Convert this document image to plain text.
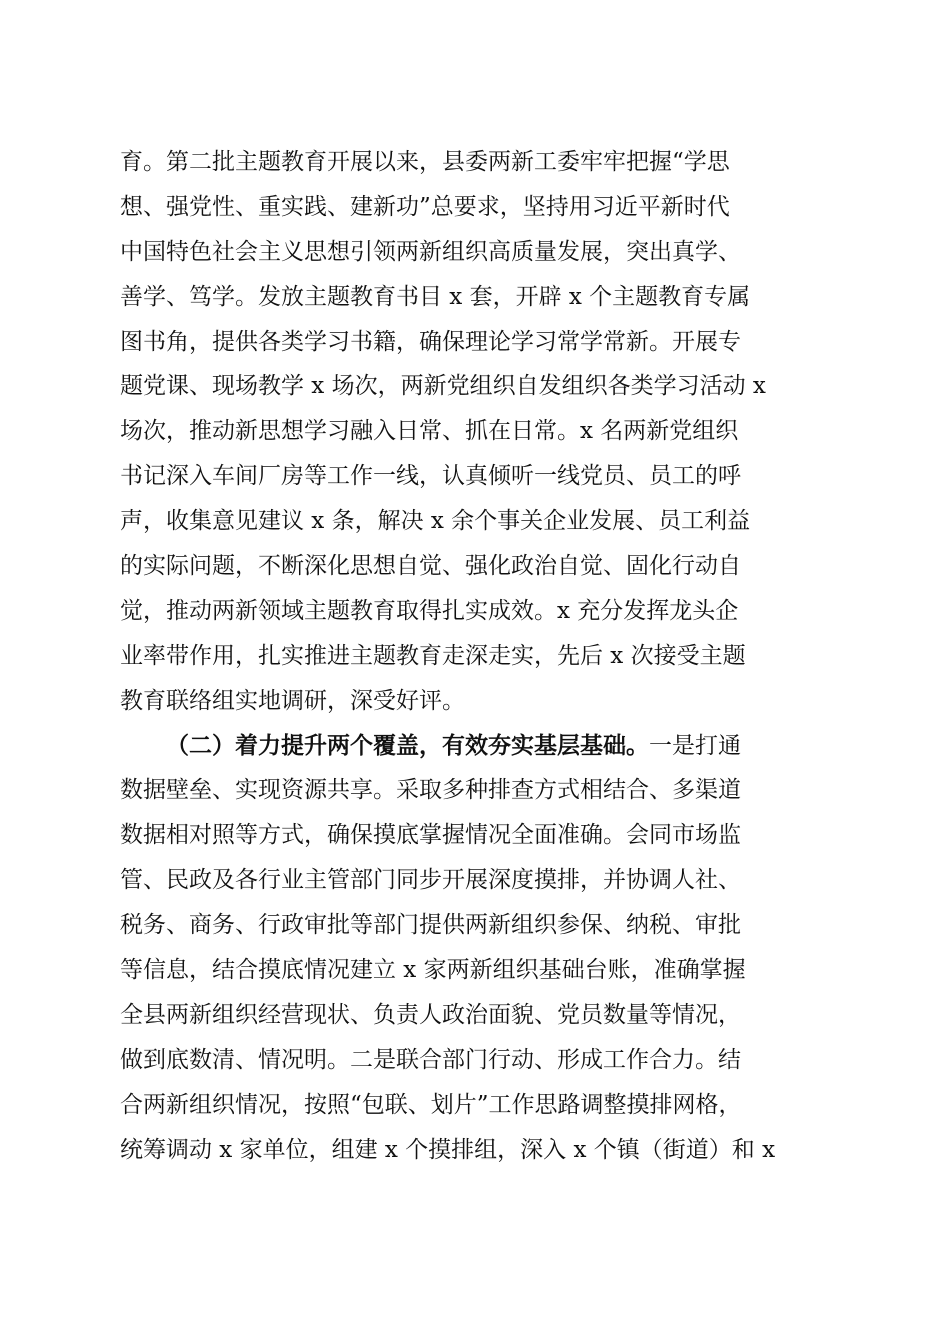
育。第二批主题教育开展以来，县委两新工委牢牢把握“学思
想、强党性、重实践、建新功”总要求，坚持用习近平新时代
中国特色社会主义思想引领两新组织高质量发展，突出真学、
善学、笃学。发放主题教育书目 x 套，开辟 x 个主题教育专属
图书角，提供各类学习书籍，确保理论学习常学常新。开展专
题党课、现场教学 x 场次，两新党组织自发组织各类学习活动 x
场次，推动新思想学习融入日常、抓在日常。x 名两新党组织
书记深入车间厂房等工作一线，认真倾听一线党员、员工的呼
声，收集意见建议 x 条，解决 x 余个事关企业发展、员工利益
的实际问题，不断深化思想自觉、强化政治自觉、固化行动自
觉，推动两新领域主题教育取得扎实成效。x 充分发挥龙头企
业率带作用，扎实推进主题教育走深走实，先后 x 次接受主题
教育联络组实地调研，深受好评。
（二）着力提升两个覆盖，有效夯实基层基础。一是打通
数据壁垒、实现资源共享。采取多种排查方式相结合、多渠道
数据相对照等方式，确保摸底掌握情况全面准确。会同市场监
管、民政及各行业主管部门同步开展深度摸排，并协调人社、
税务、商务、行政审批等部门提供两新组织参保、纳税、审批
等信息，结合摸底情况建立 x 家两新组织基础台账，准确掌握
全县两新组织经营现状、负责人政治面貌、党员数量等情况，
做到底数清、情况明。二是联合部门行动、形成工作合力。结
合两新组织情况，按照“包联、划片”工作思路调整摸排网格，
统筹调动 x 家单位，组建 x 个摸排组，深入 x 个镇（街道）和 x
